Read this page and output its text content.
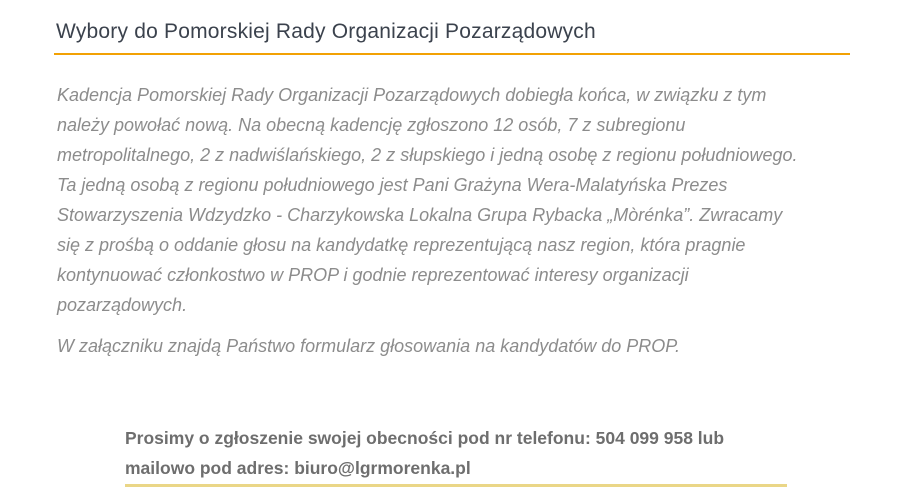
Wybory do Pomorskiej Rady Organizacji Pozarządowych
Kadencja Pomorskiej Rady Organizacji Pozarządowych dobiegła końca, w związku z tym
należy powołać nową. Na obecną kadencję zgłoszono 12 osób, 7 z subregionu
metropolitalnego, 2 z nadwiślańskiego, 2 z słupskiego i jedną osobę z regionu południowego.
Ta jedną osobą z regionu południowego jest Pani Grażyna Wera-Malatyńska Prezes
Stowarzyszenia Wdzydzko - Charzykowska Lokalna Grupa Rybacka „Mòrénka”. Zwracamy
się z prośbą o oddanie głosu na kandydatkę reprezentującą nasz region, która pragnie
kontynuować członkostwo w PROP i godnie reprezentować interesy organizacji
pozarządowych.
W załączniku znajdą Państwo formularz głosowania na kandydatów do PROP.
Prosimy o zgłoszenie swojej obecności pod nr telefonu: 504 099 958 lub
mailowo pod adres: biuro@lgrmorenka.pl
